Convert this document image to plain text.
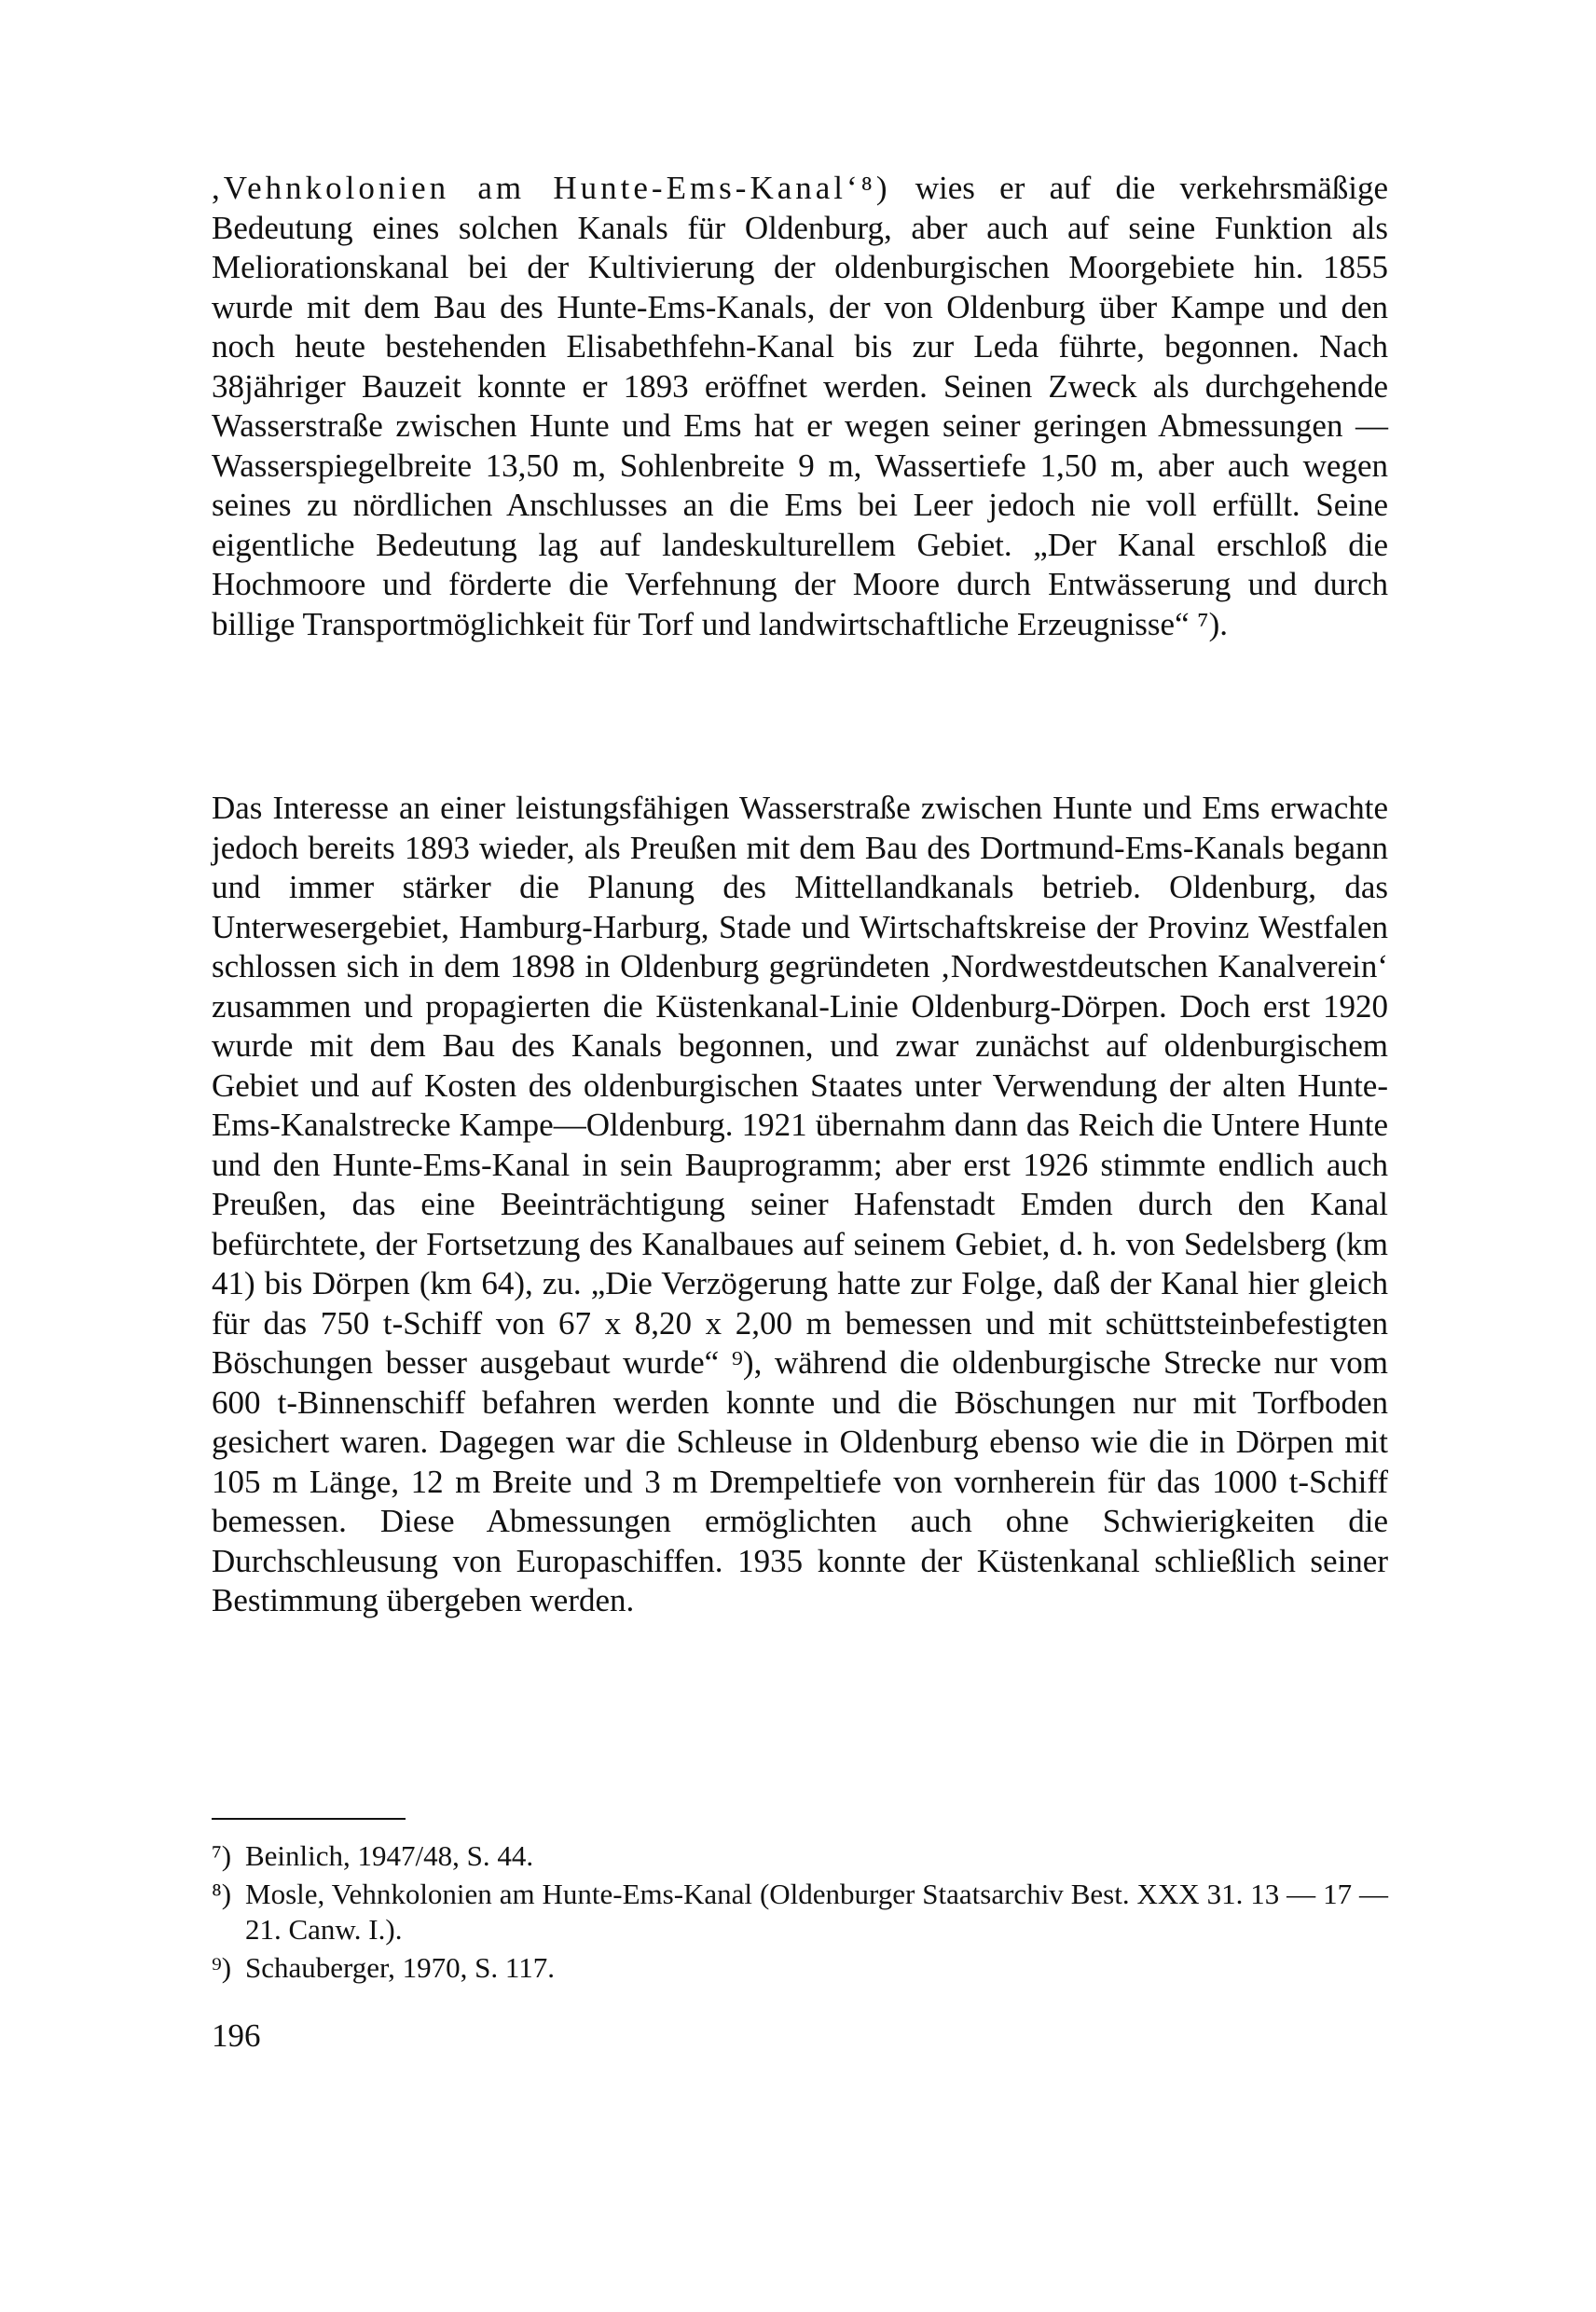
,Vehnkolonien am Hunte-Ems-Kanal‘⁸) wies er auf die verkehrsmäßige Bedeutung eines solchen Kanals für Oldenburg, aber auch auf seine Funktion als Meliorationskanal bei der Kultivierung der oldenburgischen Moorgebiete hin. 1855 wurde mit dem Bau des Hunte-Ems-Kanals, der von Oldenburg über Kampe und den noch heute bestehenden Elisabethfehn-Kanal bis zur Leda führte, begonnen. Nach 38jähriger Bauzeit konnte er 1893 eröffnet werden. Seinen Zweck als durchgehende Wasserstraße zwischen Hunte und Ems hat er wegen seiner geringen Abmessungen — Wasserspiegelbreite 13,50 m, Sohlenbreite 9 m, Wassertiefe 1,50 m, aber auch wegen seines zu nördlichen Anschlusses an die Ems bei Leer jedoch nie voll erfüllt. Seine eigentliche Bedeutung lag auf landeskulturellem Gebiet. „Der Kanal erschloß die Hochmoore und förderte die Verfehnung der Moore durch Entwässerung und durch billige Transportmöglichkeit für Torf und landwirtschaftliche Erzeugnisse“ ⁷).

Das Interesse an einer leistungsfähigen Wasserstraße zwischen Hunte und Ems erwachte jedoch bereits 1893 wieder, als Preußen mit dem Bau des Dortmund-Ems-Kanals begann und immer stärker die Planung des Mittellandkanals betrieb. Oldenburg, das Unterwesergebiet, Hamburg-Harburg, Stade und Wirtschaftskreise der Provinz Westfalen schlossen sich in dem 1898 in Oldenburg gegründeten ‚Nordwestdeutschen Kanalverein‘ zusammen und propagierten die Küstenkanal-Linie Oldenburg-Dörpen. Doch erst 1920 wurde mit dem Bau des Kanals begonnen, und zwar zunächst auf oldenburgischem Gebiet und auf Kosten des oldenburgischen Staates unter Verwendung der alten Hunte-Ems-Kanalstrecke Kampe—Oldenburg. 1921 übernahm dann das Reich die Untere Hunte und den Hunte-Ems-Kanal in sein Bauprogramm; aber erst 1926 stimmte endlich auch Preußen, das eine Beeinträchtigung seiner Hafenstadt Emden durch den Kanal befürchtete, der Fortsetzung des Kanalbaues auf seinem Gebiet, d. h. von Sedelsberg (km 41) bis Dörpen (km 64), zu. „Die Verzögerung hatte zur Folge, daß der Kanal hier gleich für das 750 t-Schiff von 67 x 8,20 x 2,00 m bemessen und mit schüttsteinbefestigten Böschungen besser ausgebaut wurde“ ⁹), während die oldenburgische Strecke nur vom 600 t-Binnenschiff befahren werden konnte und die Böschungen nur mit Torfboden gesichert waren. Dagegen war die Schleuse in Oldenburg ebenso wie die in Dörpen mit 105 m Länge, 12 m Breite und 3 m Drempeltiefe von vornherein für das 1000 t-Schiff bemessen. Diese Abmessungen ermöglichten auch ohne Schwierigkeiten die Durchschleusung von Europaschiffen. 1935 konnte der Küstenkanal schließlich seiner Bestimmung übergeben werden.

⁷) Beinlich, 1947/48, S. 44.
⁸) Mosle, Vehnkolonien am Hunte-Ems-Kanal (Oldenburger Staatsarchiv Best. XXX 31. 13 — 17 — 21. Canw. I.).
⁹) Schauberger, 1970, S. 117.
196
